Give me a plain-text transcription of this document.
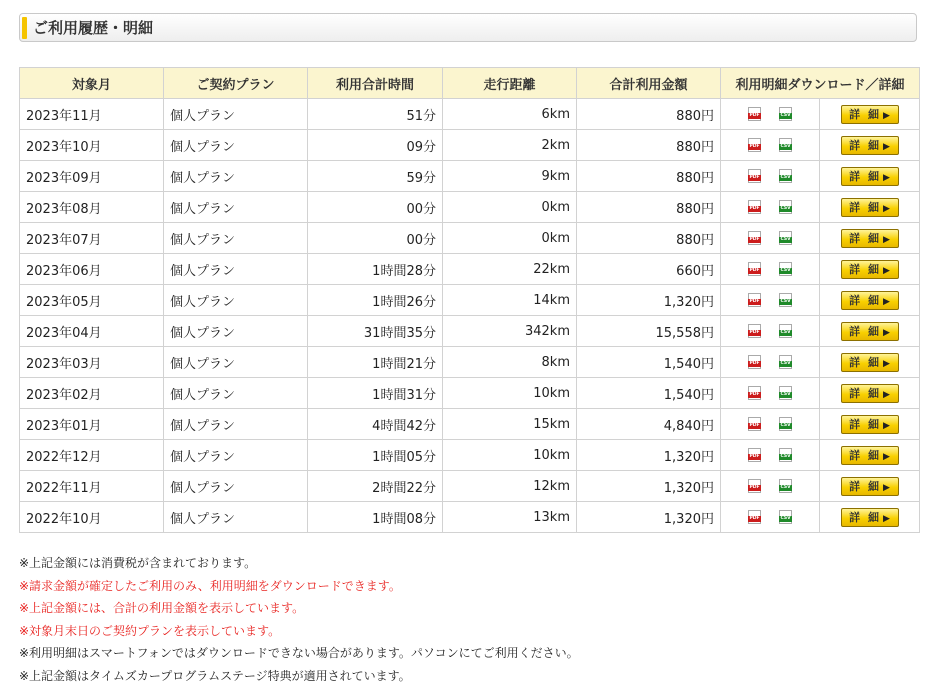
ご利用履歴・明細
対象月	ご契約プラン	利用合計時間	走行距離	合計利用金額	利用明細ダウンロード／詳細	
2023年11月	個人プラン	51分	6km	880円	PDF CSV	詳 細 ▶
2023年10月	個人プラン	09分	2km	880円	PDF CSV	詳 細 ▶
2023年09月	個人プラン	59分	9km	880円	PDF CSV	詳 細 ▶
2023年08月	個人プラン	00分	0km	880円	PDF CSV	詳 細 ▶
2023年07月	個人プラン	00分	0km	880円	PDF CSV	詳 細 ▶
2023年06月	個人プラン	1時間28分	22km	660円	PDF CSV	詳 細 ▶
2023年05月	個人プラン	1時間26分	14km	1,320円	PDF CSV	詳 細 ▶
2023年04月	個人プラン	31時間35分	342km	15,558円	PDF CSV	詳 細 ▶
2023年03月	個人プラン	1時間21分	8km	1,540円	PDF CSV	詳 細 ▶
2023年02月	個人プラン	1時間31分	10km	1,540円	PDF CSV	詳 細 ▶
2023年01月	個人プラン	4時間42分	15km	4,840円	PDF CSV	詳 細 ▶
2022年12月	個人プラン	1時間05分	10km	1,320円	PDF CSV	詳 細 ▶
2022年11月	個人プラン	2時間22分	12km	1,320円	PDF CSV	詳 細 ▶
2022年10月	個人プラン	1時間08分	13km	1,320円	PDF CSV	詳 細 ▶
※上記金額には消費税が含まれております。
※請求金額が確定したご利用のみ、利用明細をダウンロードできます。
※上記金額には、合計の利用金額を表示しています。
※対象月末日のご契約プランを表示しています。
※利用明細はスマートフォンではダウンロードできない場合があります。パソコンにてご利用ください。
※上記金額はタイムズカープログラムステージ特典が適用されています。
